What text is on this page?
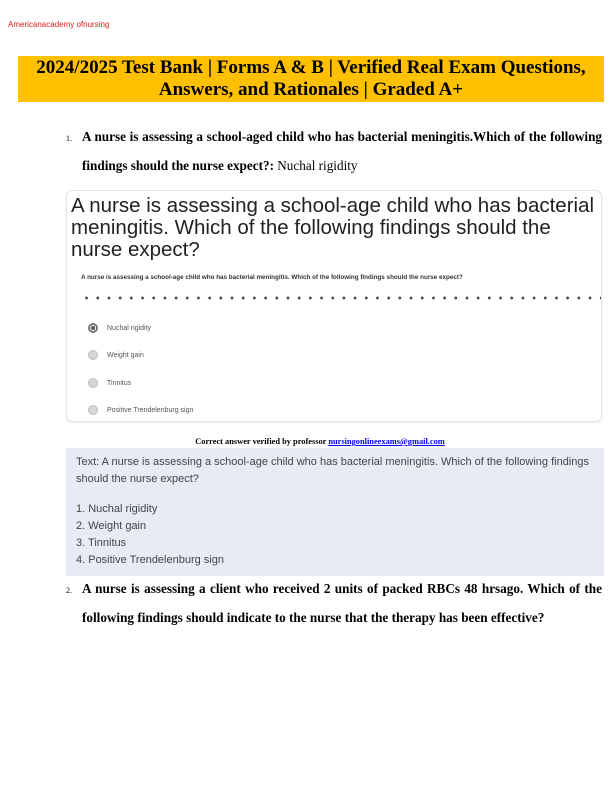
Americanacademy ofnursing
2024/2025 Test Bank | Forms A & B | Verified Real Exam Questions,
Answers, and Rationales | Graded A+
1. A nurse is assessing a school-aged child who has bacterial meningitis.Which of the following findings should the nurse expect?: Nuchal rigidity
A nurse is assessing a school-age child who has bacterial meningitis. Which of the following findings should the nurse expect?
A nurse is assessing a school-age child who has bacterial meningitis. Which of the following findings should the nurse expect?
Nuchal rigidity
Weight gain
Tinnitus
Positive Trendelenburg sign
Correct answer verified by professor nursingonlineexams@gmail.com

Text: A nurse is assessing a school-age child who has bacterial meningitis. Which of the following findings should the nurse expect?

1. Nuchal rigidity
2. Weight gain
3. Tinnitus
4. Positive Trendelenburg sign
2. A nurse is assessing a client who received 2 units of packed RBCs 48 hrsago. Which of the following findings should indicate to the nurse that the therapy has been effective?
